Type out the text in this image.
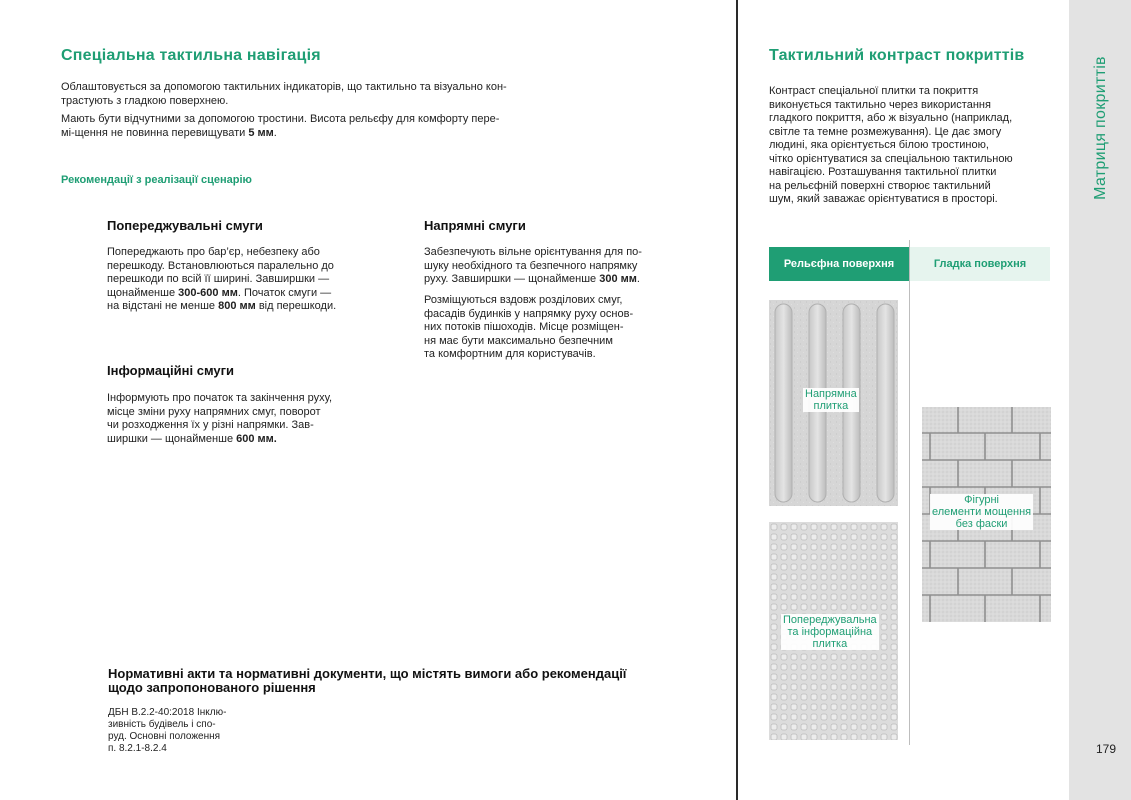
Матриця покриттів
179
Спеціальна тактильна навігація

Облаштовується за допомогою тактильних індикаторів, що тактильно та візуально кон-
трастують з гладкою поверхнею.

Мають бути відчутними за допомогою тростини. Висота рельєфу для комфорту пере-
мі-щення не повинна перевищувати 5 мм.

Рекомендації з реалізації сценарію
Попереджувальні смуги

Попереджають про бар’єр, небезпеку або
перешкоду. Встановлюються паралельно до
перешкоди по всій її ширині. Завширшки —
щонайменше 300-600 мм. Початок смуги —
на відстані не менше 800 мм від перешкоди.

Напрямні смуги

Забезпечують вільне орієнтування для по-
шуку необхідного та безпечного напрямку
руху. Завширшки — щонайменше 300 мм.

Розміщуються вздовж розділових смуг,
фасадів будинків у напрямку руху основ-
них потоків пішоходів. Місце розміщен-
ня має бути максимально безпечним
та комфортним для користувачів.

Інформаційні смуги

Інформують про початок та закінчення руху,
місце зміни руху напрямних смуг, поворот
чи розходження їх у різні напрямки. Зав-
ширшки — щонайменше 600 мм.

Нормативні акти та нормативні документи, що містять вимоги або рекомендації
щодо запропонованого рішення

ДБН В.2.2-40:2018 Інклю-
зивність будівель і спо-
руд. Основні положення
п. 8.2.1-8.2.4

Тактильний контраст покриттів

Контраст спеціальної плитки та покриття
виконується тактильно через використання
гладкого покриття, або ж візуально (наприклад,
світле та темне розмежування). Це дає змогу
людині, яка орієнтується білою тростиною,
чітко орієнтуватися за спеціальною тактильною
навігацією. Розташування тактильної плитки
на рельєфній поверхні створює тактильний
шум, який заважає орієнтуватися в просторі.

Рельєфна поверхня	Гладка поверхня
Напрямна
плитка
Попереджувальна
та інформаційна
плитка
Фігурні
елементи мощення
без фаски
